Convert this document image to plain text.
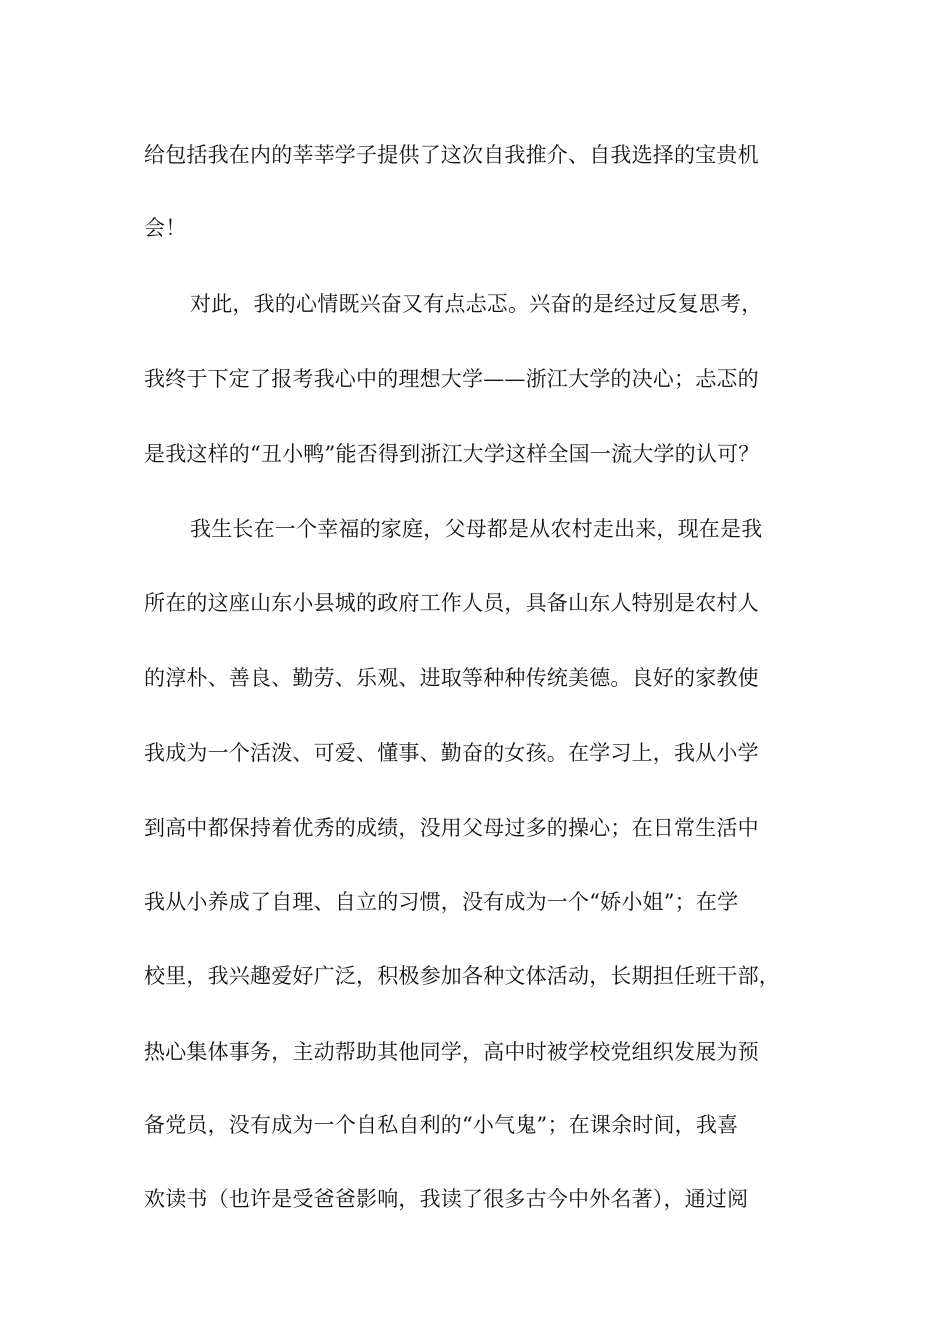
给包括我在内的莘莘学子提供了这次自我推介、自我选择的宝贵机
会！
对此，我的心情既兴奋又有点忐忑。兴奋的是经过反复思考，
我终于下定了报考我心中的理想大学——浙江大学的决心；忐忑的
是我这样的“丑小鸭”能否得到浙江大学这样全国一流大学的认可？
我生长在一个幸福的家庭，父母都是从农村走出来，现在是我
所在的这座山东小县城的政府工作人员，具备山东人特别是农村人
的淳朴、善良、勤劳、乐观、进取等种种传统美德。良好的家教使
我成为一个活泼、可爱、懂事、勤奋的女孩。在学习上，我从小学
到高中都保持着优秀的成绩，没用父母过多的操心；在日常生活中
我从小养成了自理、自立的习惯，没有成为一个“娇小姐”；在学
校里，我兴趣爱好广泛，积极参加各种文体活动，长期担任班干部，
热心集体事务，主动帮助其他同学，高中时被学校党组织发展为预
备党员，没有成为一个自私自利的“小气鬼”；在课余时间，我喜
欢读书（也许是受爸爸影响，我读了很多古今中外名著），通过阅
